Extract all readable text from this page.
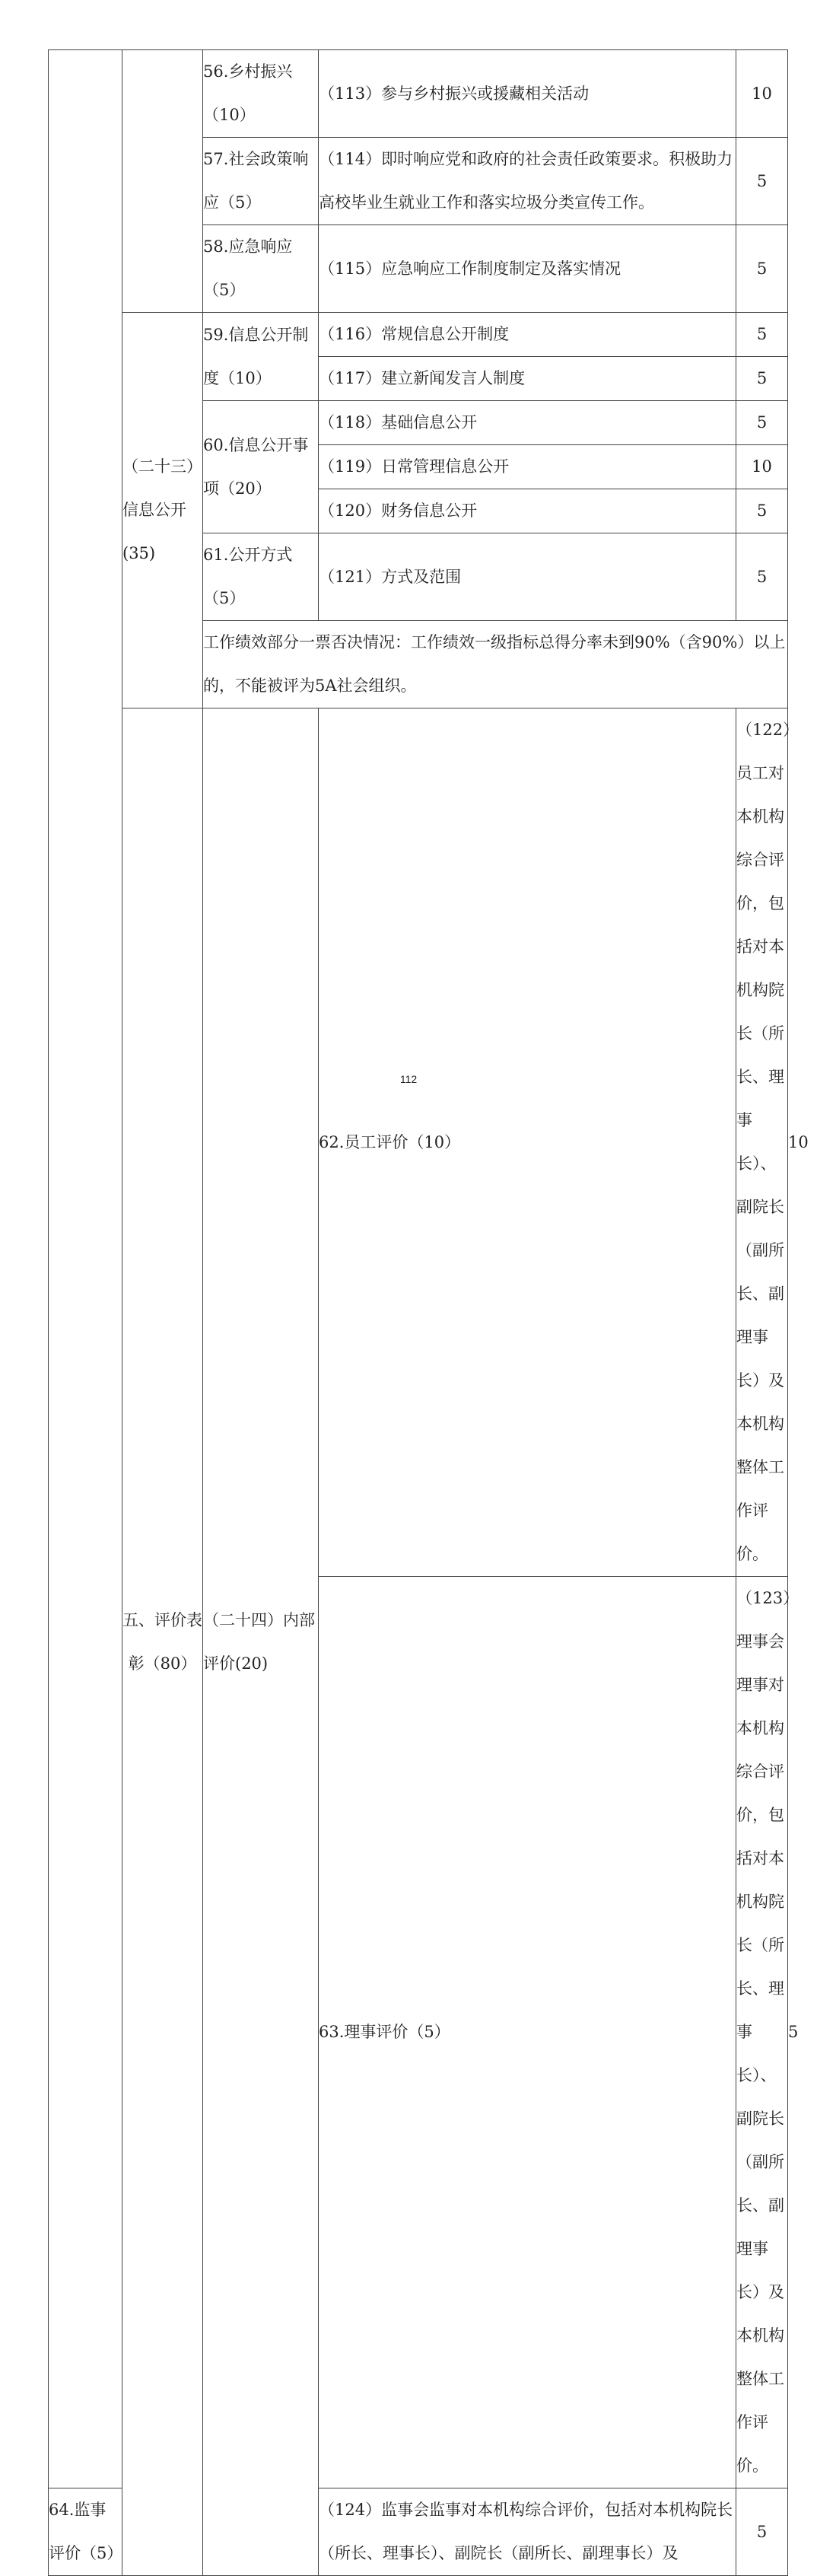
		56.乡村振兴（10）	（113）参与乡村振兴或援藏相关活动	10	
		57.社会政策响应（5）	（114）即时响应党和政府的社会责任政策要求。积极助力高校毕业生就业工作和落实垃圾分类宣传工作。	5	
		58.应急响应（5）	（115）应急响应工作制度制定及落实情况	5	
	（二十三）信息公开(35)	59.信息公开制度（10）	（116）常规信息公开制度	5	
			（117）建立新闻发言人制度	5	
		60.信息公开事项（20）	（118）基础信息公开	5	
			（119）日常管理信息公开	10	
			（120）财务信息公开	5	
		61.公开方式（5）	（121）方式及范围	5	
		工作绩效部分一票否决情况：工作绩效一级指标总得分率未到90%（含90%）以上的，不能被评为5A社会组织。			
	五、评价表彰（80）	（二十四）内部评价(20)	62.员工评价（10）	（122）员工对本机构综合评价，包括对本机构院长（所长、理事长）、副院长（副所长、副理事长）及本机构整体工作评价。	10
			63.理事评价（5）	（123）理事会理事对本机构综合评价，包括对本机构院长（所长、理事长）、副院长（副所长、副理事长）及本机构整体工作评价。	5
64.监事评价（5）			（124）监事会监事对本机构综合评价，包括对本机构院长（所长、理事长）、副院长（副所长、副理事长）及	5	
112
